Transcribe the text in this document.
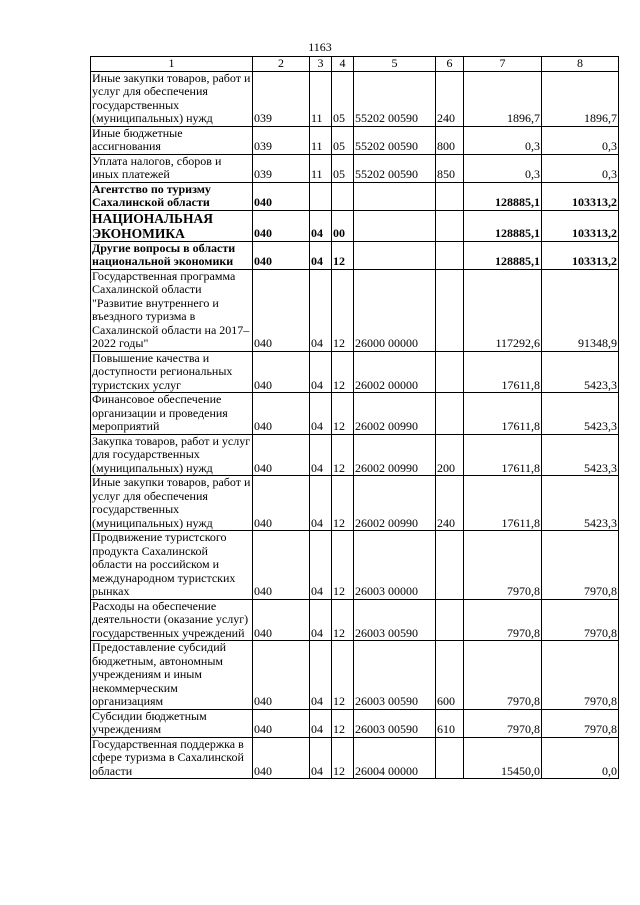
1163
1	2	3	4	5	6	7	8
Иные закупки товаров, работ и услуг для обеспечения государственных (муниципальных) нужд	039	11	05	55202 00590	240	1896,7	1896,7
Иные бюджетные ассигнования	039	11	05	55202 00590	800	0,3	0,3
Уплата налогов, сборов и иных платежей	039	11	05	55202 00590	850	0,3	0,3
Агентство по туризму Сахалинской области	040					128885,1	103313,2
НАЦИОНАЛЬНАЯ ЭКОНОМИКА	040	04	00			128885,1	103313,2
Другие вопросы в области национальной экономики	040	04	12			128885,1	103313,2
Государственная программа Сахалинской области "Развитие внутреннего и въездного туризма в Сахалинской области на 2017–2022 годы"	040	04	12	26000 00000		117292,6	91348,9
Повышение качества и доступности региональных туристских услуг	040	04	12	26002 00000		17611,8	5423,3
Финансовое обеспечение организации и проведения мероприятий	040	04	12	26002 00990		17611,8	5423,3
Закупка товаров, работ и услуг для государственных (муниципальных) нужд	040	04	12	26002 00990	200	17611,8	5423,3
Иные закупки товаров, работ и услуг для обеспечения государственных (муниципальных) нужд	040	04	12	26002 00990	240	17611,8	5423,3
Продвижение туристского продукта Сахалинской области на российском и международном туристских рынках	040	04	12	26003 00000		7970,8	7970,8
Расходы на обеспечение деятельности (оказание услуг) государственных учреждений	040	04	12	26003 00590		7970,8	7970,8
Предоставление субсидий бюджетным, автономным учреждениям и иным некоммерческим организациям	040	04	12	26003 00590	600	7970,8	7970,8
Субсидии бюджетным учреждениям	040	04	12	26003 00590	610	7970,8	7970,8
Государственная поддержка в сфере туризма в Сахалинской области	040	04	12	26004 00000		15450,0	0,0
